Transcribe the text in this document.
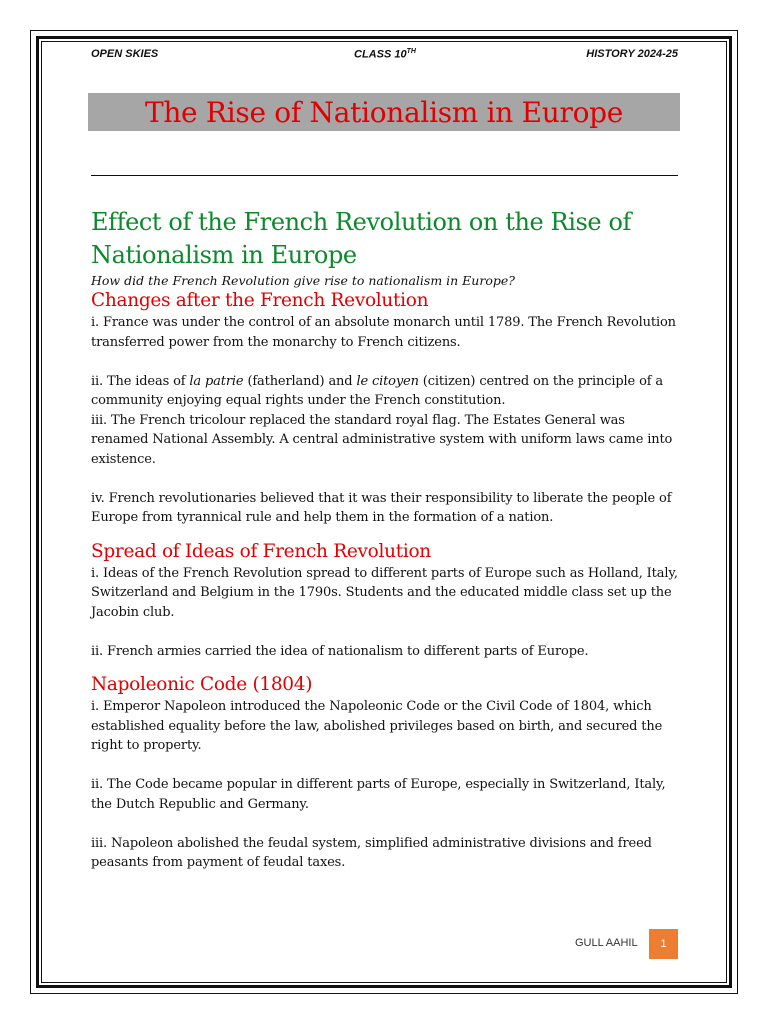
OPEN SKIES	CLASS 10TH	HISTORY 2024-25
The Rise of Nationalism in Europe
Effect of the French Revolution on the Rise of Nationalism in Europe

How did the French Revolution give rise to nationalism in Europe?

Changes after the French Revolution

i. France was under the control of an absolute monarch until 1789. The French Revolution transferred power from the monarchy to French citizens.

ii. The ideas of la patrie (fatherland) and le citoyen (citizen) centred on the principle of a community enjoying equal rights under the French constitution.

iii. The French tricolour replaced the standard royal flag. The Estates General was renamed National Assembly. A central administrative system with uniform laws came into existence.

iv. French revolutionaries believed that it was their responsibility to liberate the people of Europe from tyrannical rule and help them in the formation of a nation.

Spread of Ideas of French Revolution

i. Ideas of the French Revolution spread to different parts of Europe such as Holland, Italy, Switzerland and Belgium in the 1790s. Students and the educated middle class set up the Jacobin club.

ii. French armies carried the idea of nationalism to different parts of Europe.

Napoleonic Code (1804)

i. Emperor Napoleon introduced the Napoleonic Code or the Civil Code of 1804, which established equality before the law, abolished privileges based on birth, and secured the right to property.

ii. The Code became popular in different parts of Europe, especially in Switzerland, Italy, the Dutch Republic and Germany.

iii. Napoleon abolished the feudal system, simplified administrative divisions and freed peasants from payment of feudal taxes.

GULL AAHIL	1
